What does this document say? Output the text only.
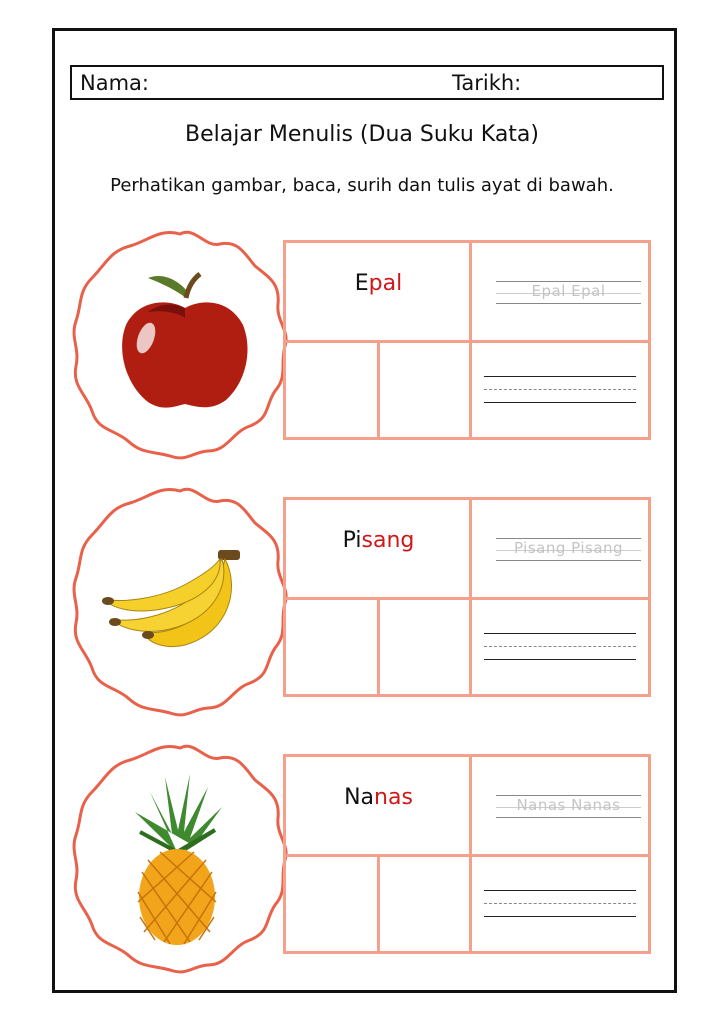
Nama:	Tarikh:
Belajar Menulis (Dua Suku Kata)
Perhatikan gambar, baca, surih dan tulis ayat di bawah.
Epal	Epal Epal
Pisang	Pisang Pisang
Nanas	Nanas Nanas
